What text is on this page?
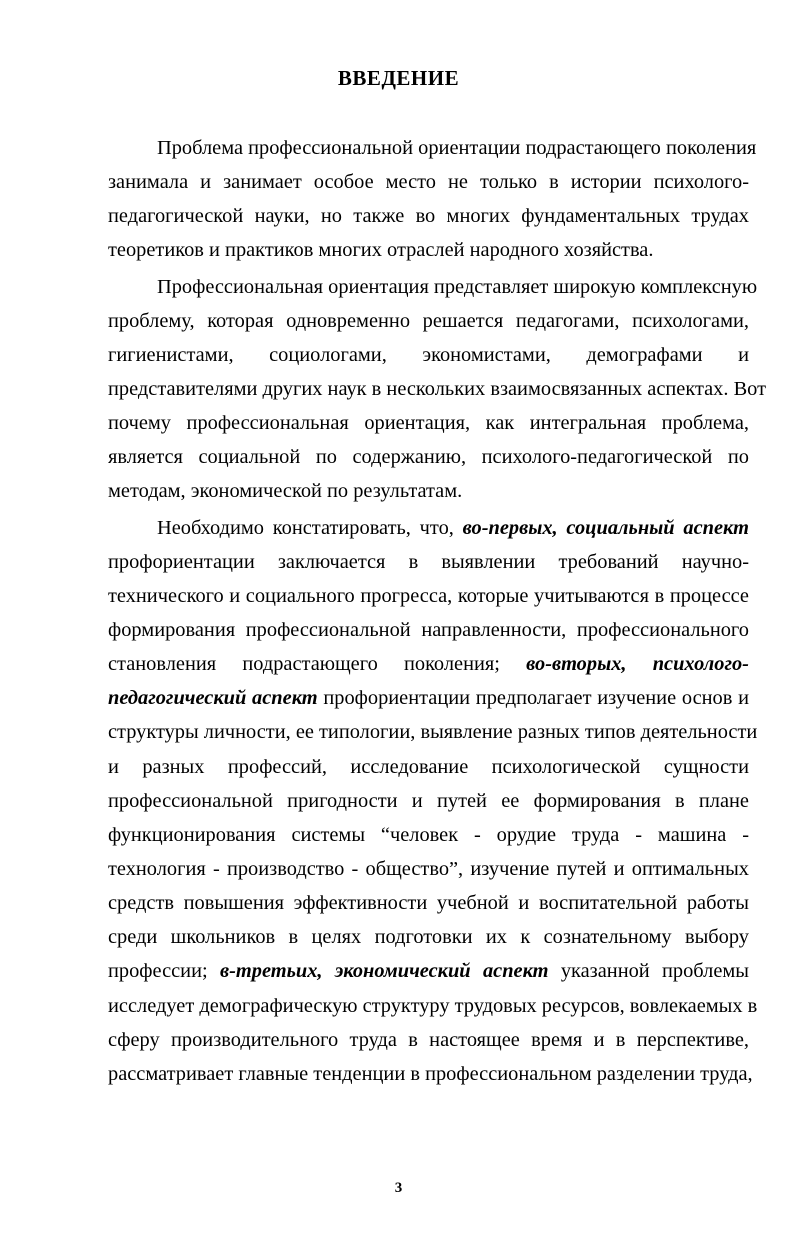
ВВЕДЕНИЕ
Проблема профессиональной ориентации подрастающего поколения
занимала и занимает особое место не только в истории психолого-
педагогической науки, но также во многих фундаментальных трудах
теоретиков и практиков многих отраслей народного хозяйства.
Профессиональная ориентация представляет широкую комплексную
проблему, которая одновременно решается педагогами, психологами,
гигиенистами, социологами, экономистами, демографами и
представителями других наук в нескольких взаимосвязанных аспектах. Вот
почему профессиональная ориентация, как интегральная проблема,
является социальной по содержанию, психолого-педагогической по
методам, экономической по результатам.
Необходимо констатировать, что, во-первых, социальный аспект
профориентации заключается в выявлении требований научно-
технического и социального прогресса, которые учитываются в процессе
формирования профессиональной направленности, профессионального
становления подрастающего поколения; во-вторых, психолого-
педагогический аспект профориентации предполагает изучение основ и
структуры личности, ее типологии, выявление разных типов деятельности
и разных профессий, исследование психологической сущности
профессиональной пригодности и путей ее формирования в плане
функционирования системы “человек - орудие труда - машина -
технология - производство - общество”, изучение путей и оптимальных
средств повышения эффективности учебной и воспитательной работы
среди школьников в целях подготовки их к сознательному выбору
профессии; в-третьих, экономический аспект указанной проблемы
исследует демографическую структуру трудовых ресурсов, вовлекаемых в
сферу производительного труда в настоящее время и в перспективе,
рассматривает главные тенденции в профессиональном разделении труда,
3
